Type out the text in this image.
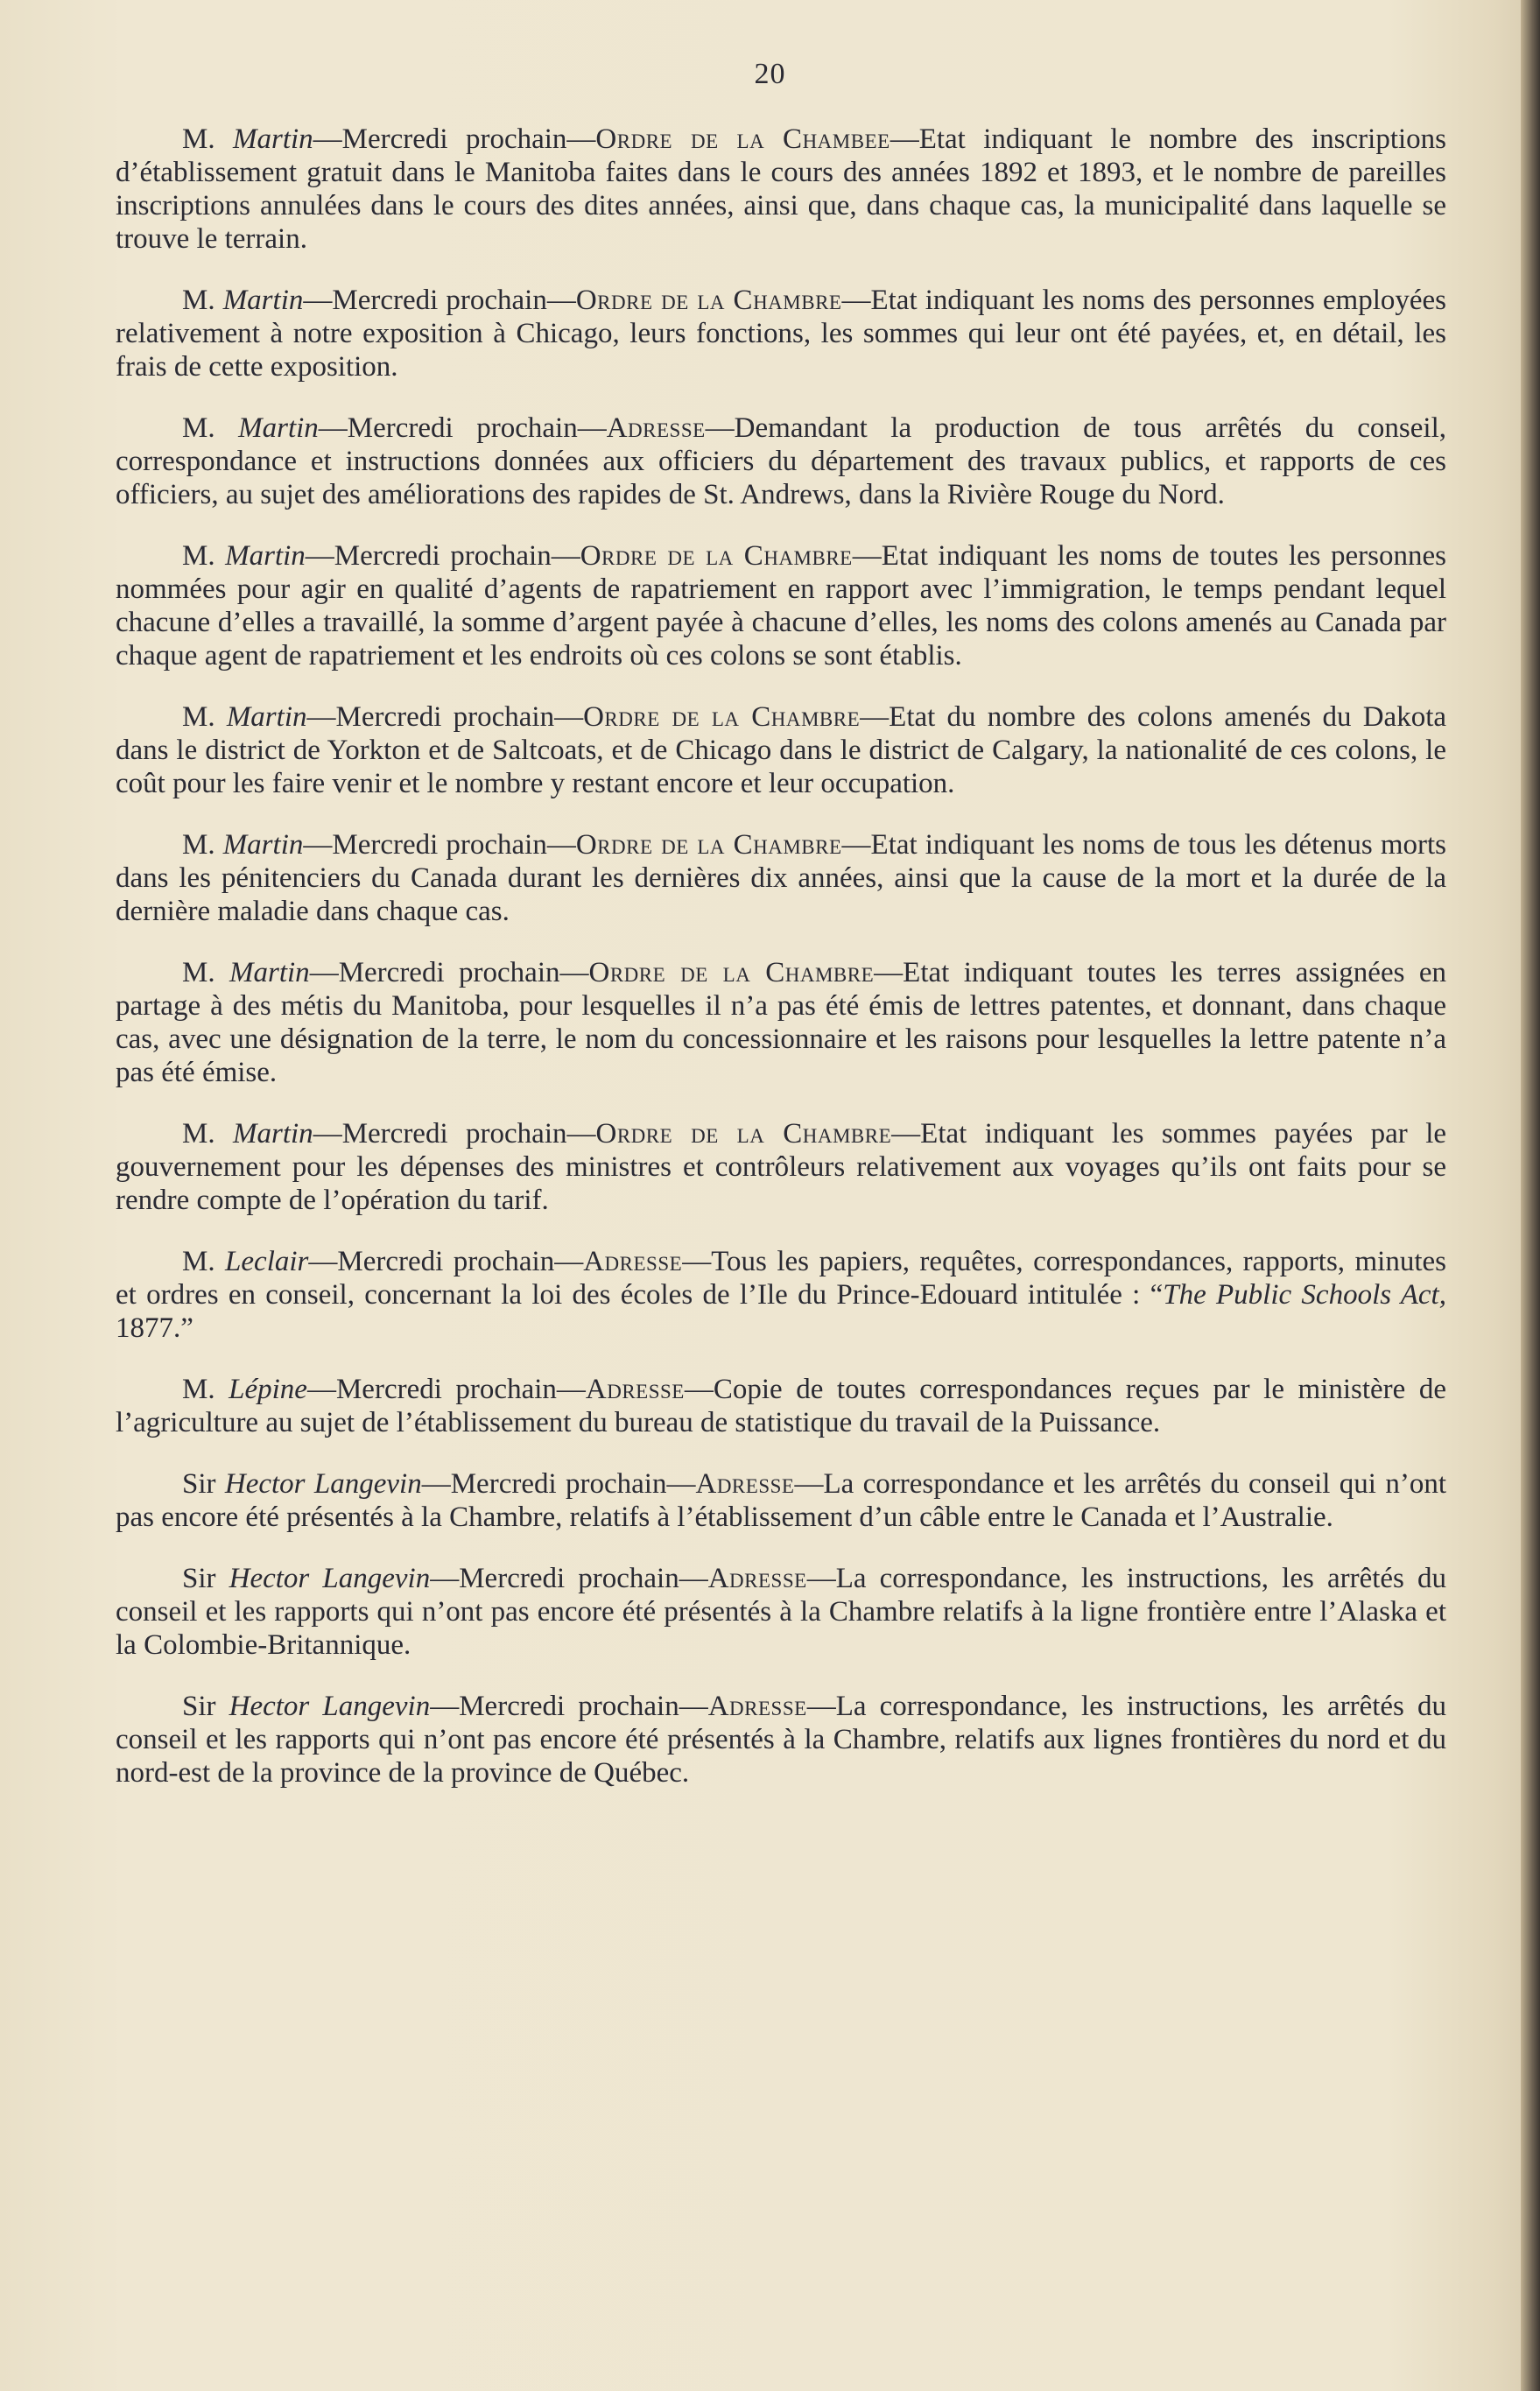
20

M. Martin—Mercredi prochain—Ordre de la Chambee—Etat indiquant le nombre des inscriptions d’établissement gratuit dans le Manitoba faites dans le cours des années 1892 et 1893, et le nombre de pareilles inscriptions annulées dans le cours des dites années, ainsi que, dans chaque cas, la municipalité dans laquelle se trouve le terrain.

M. Martin—Mercredi prochain—Ordre de la Chambre—Etat indiquant les noms des personnes employées relativement à notre exposition à Chicago, leurs fonctions, les sommes qui leur ont été payées, et, en détail, les frais de cette exposition.

M. Martin—Mercredi prochain—Adresse—Demandant la production de tous arrêtés du conseil, correspondance et instructions données aux officiers du département des travaux publics, et rapports de ces officiers, au sujet des améliorations des rapides de St. Andrews, dans la Rivière Rouge du Nord.

M. Martin—Mercredi prochain—Ordre de la Chambre—Etat indiquant les noms de toutes les personnes nommées pour agir en qualité d’agents de rapatriement en rapport avec l’immigration, le temps pendant lequel chacune d’elles a travaillé, la somme d’argent payée à chacune d’elles, les noms des colons amenés au Canada par chaque agent de rapatriement et les endroits où ces colons se sont établis.

M. Martin—Mercredi prochain—Ordre de la Chambre—Etat du nombre des colons amenés du Dakota dans le district de Yorkton et de Saltcoats, et de Chicago dans le district de Calgary, la nationalité de ces colons, le coût pour les faire venir et le nombre y restant encore et leur occupation.

M. Martin—Mercredi prochain—Ordre de la Chambre—Etat indiquant les noms de tous les détenus morts dans les pénitenciers du Canada durant les dernières dix années, ainsi que la cause de la mort et la durée de la dernière maladie dans chaque cas.

M. Martin—Mercredi prochain—Ordre de la Chambre—Etat indiquant toutes les terres assignées en partage à des métis du Manitoba, pour lesquelles il n’a pas été émis de lettres patentes, et donnant, dans chaque cas, avec une désignation de la terre, le nom du concessionnaire et les raisons pour lesquelles la lettre patente n’a pas été émise.

M. Martin—Mercredi prochain—Ordre de la Chambre—Etat indiquant les sommes payées par le gouvernement pour les dépenses des ministres et contrôleurs relativement aux voyages qu’ils ont faits pour se rendre compte de l’opération du tarif.

M. Leclair—Mercredi prochain—Adresse—Tous les papiers, requêtes, correspondances, rapports, minutes et ordres en conseil, concernant la loi des écoles de l’Ile du Prince-Edouard intitulée : “The Public Schools Act, 1877.”

M. Lépine—Mercredi prochain—Adresse—Copie de toutes correspondances reçues par le ministère de l’agriculture au sujet de l’établissement du bureau de statistique du travail de la Puissance.

Sir Hector Langevin—Mercredi prochain—Adresse—La correspondance et les arrêtés du conseil qui n’ont pas encore été présentés à la Chambre, relatifs à l’établissement d’un câble entre le Canada et l’Australie.

Sir Hector Langevin—Mercredi prochain—Adresse—La correspondance, les instructions, les arrêtés du conseil et les rapports qui n’ont pas encore été présentés à la Chambre relatifs à la ligne frontière entre l’Alaska et la Colombie-Britannique.

Sir Hector Langevin—Mercredi prochain—Adresse—La correspondance, les instructions, les arrêtés du conseil et les rapports qui n’ont pas encore été présentés à la Chambre, relatifs aux lignes frontières du nord et du nord-est de la province de la province de Québec.
